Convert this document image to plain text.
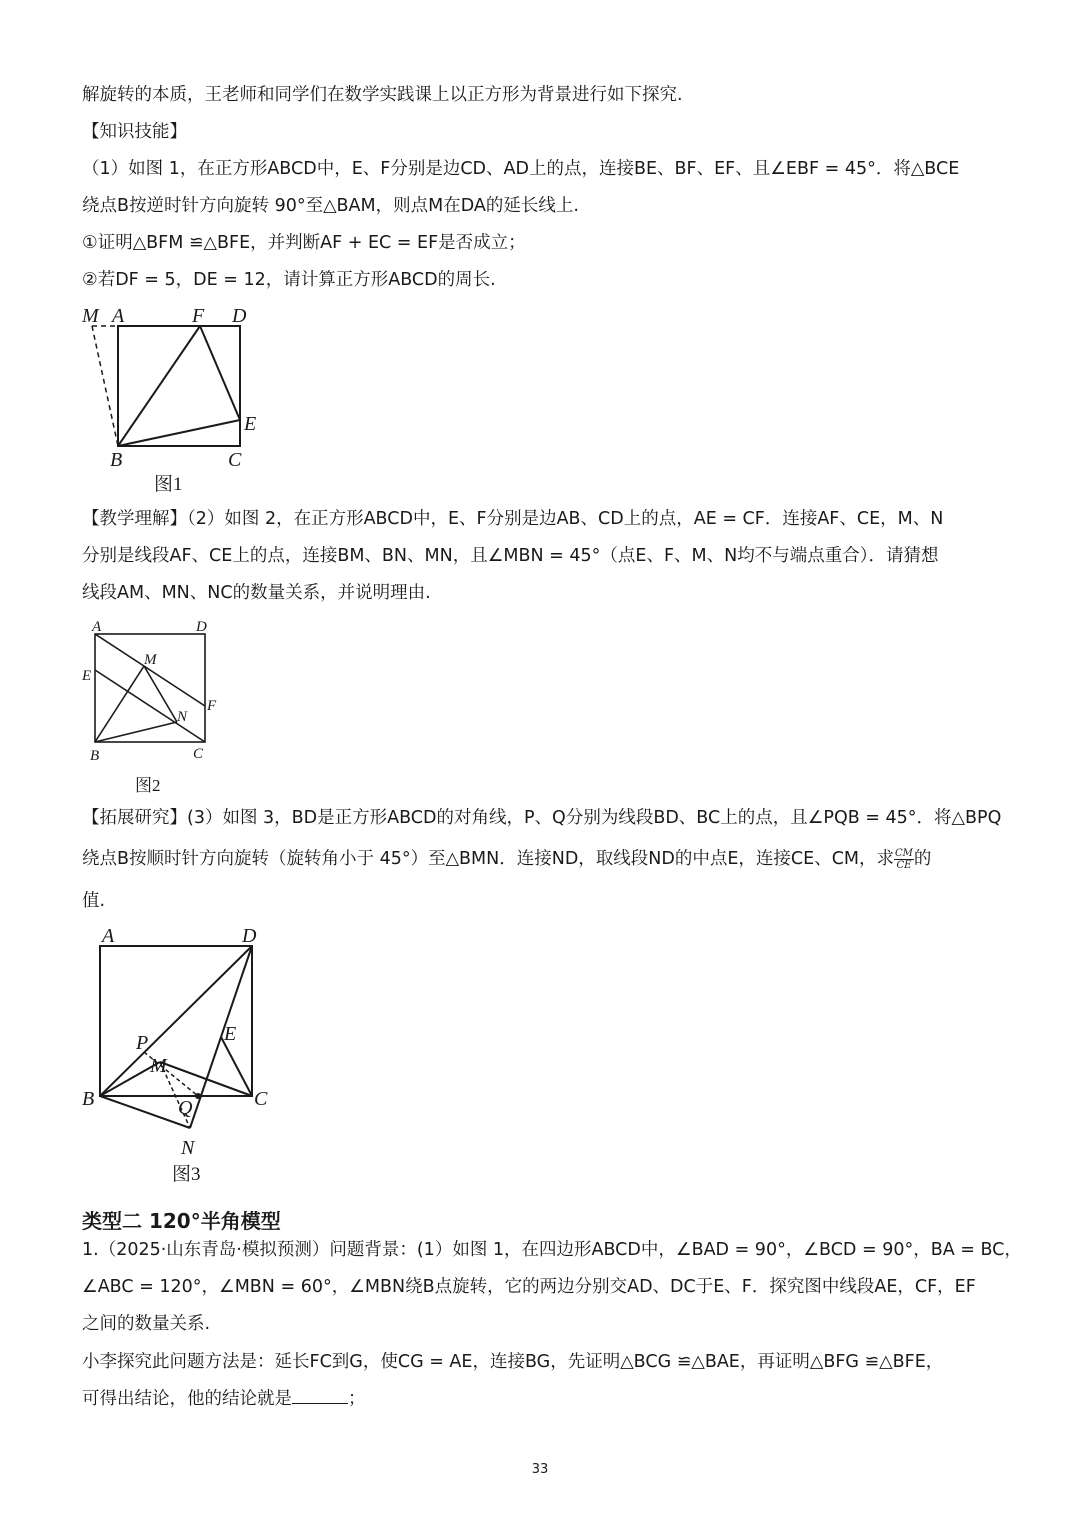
解旋转的本质，王老师和同学们在数学实践课上以正方形为背景进行如下探究.
【知识技能】
（1）如图 1，在正方形ABCD中，E、F分别是边CD、AD上的点，连接BE、BF、EF、且∠EBF = 45°．将△BCE
绕点B按逆时针方向旋转 90°至△BAM，则点M在DA的延长线上.
①证明△BFM ≌△BFE，并判断AF + EC = EF是否成立；
②若DF = 5，DE = 12，请计算正方形ABCD的周长.
M A	F D
E
B	C
图1
【教学理解】（2）如图 2，在正方形ABCD中，E、F分别是边AB、CD上的点，AE = CF．连接AF、CE，M、N
分别是线段AF、CE上的点，连接BM、BN、MN，且∠MBN = 45°（点E、F、M、N均不与端点重合）．请猜想
线段AM、MN、NC的数量关系，并说明理由.
A	D
M
E
N
F
B	C
图2
【拓展研究】(3）如图 3，BD是正方形ABCD的对角线，P、Q分别为线段BD、BC上的点，且∠PQB = 45°．将△BPQ
绕点B按顺时针方向旋转（旋转角小于 45°）至△BMN．连接ND，取线段ND的中点E，连接CE、CM，求 $\frac{CM}{CE}$ 的
值.
A	D
E
P
M
B	Q	C
N
图3
类型二 120°半角模型
1.（2025·山东青岛·模拟预测）问题背景：(1）如图 1，在四边形ABCD中，∠BAD = 90°，∠BCD = 90°，BA = BC，
∠ABC = 120°，∠MBN = 60°，∠MBN绕B点旋转，它的两边分别交AD、DC于E、F．探究图中线段AE，CF，EF
之间的数量关系.
小李探究此问题方法是：延长FC到G，使CG = AE，连接BG，先证明△BCG ≌△BAE，再证明△BFG ≌△BFE，
可得出结论，他的结论就是	；
33
